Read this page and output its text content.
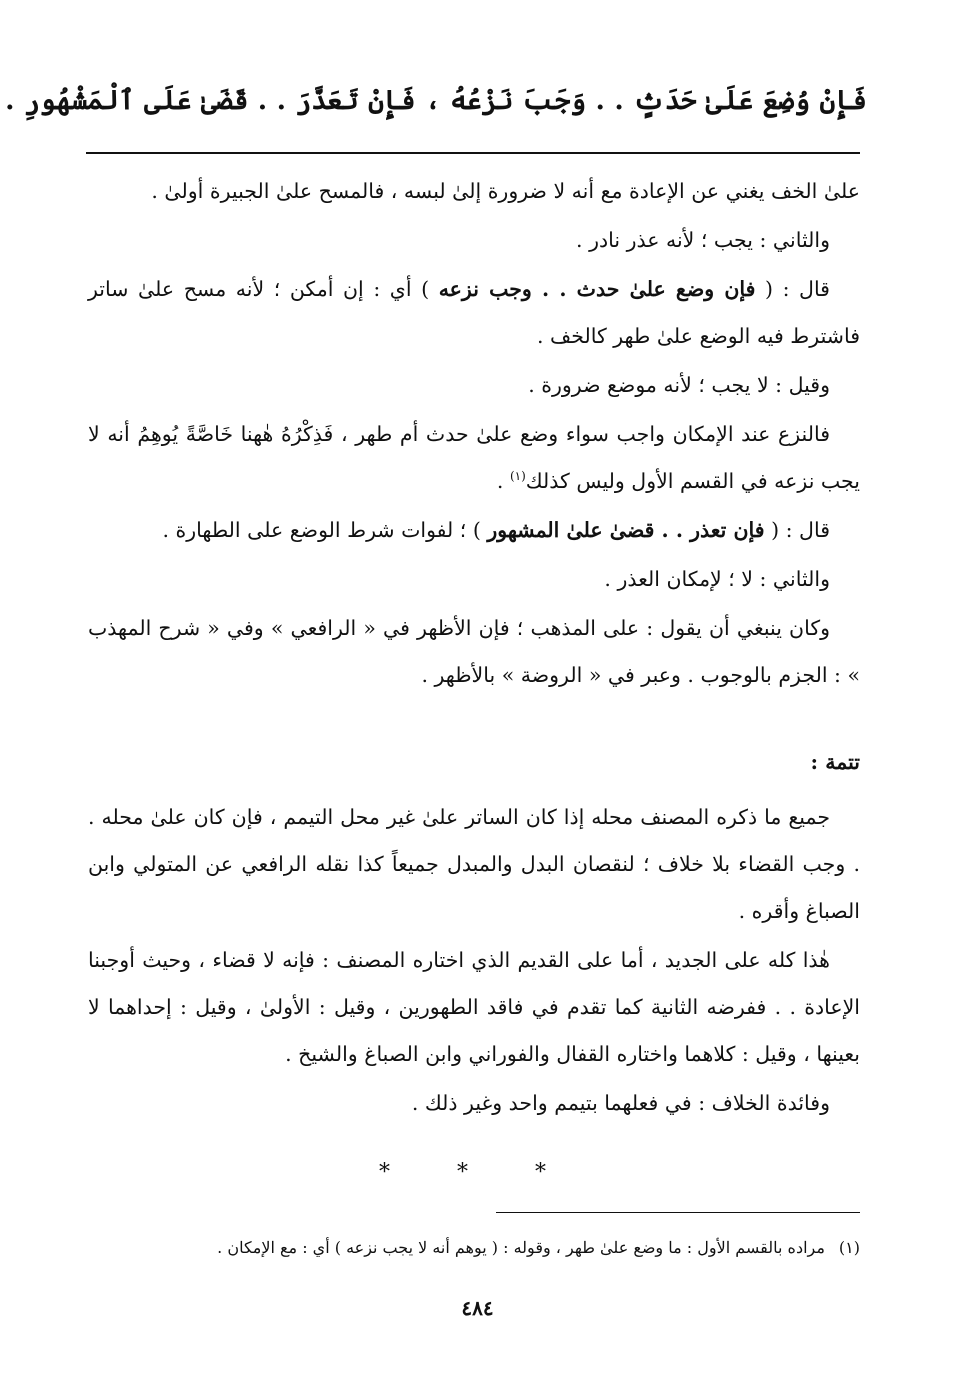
فَإِنْ وُضِعَ عَلَىٰ حَدَثٍ . . وَجَبَ نَزْعُهُ ، فَإِنْ تَعَذَّرَ . . قَضَىٰ عَلَى ٱلْمَشْهُورِ .

علىٰ الخف يغني عن الإعادة مع أنه لا ضرورة إلىٰ لبسه ، فالمسح علىٰ الجبيرة أولىٰ .

والثاني : يجب ؛ لأنه عذر نادر .

قال : ( فإن وضع علىٰ حدث . . وجب نزعه ) أي : إن أمكن ؛ لأنه مسح علىٰ ساتر فاشترط فيه الوضع علىٰ طهر كالخف .

وقيل : لا يجب ؛ لأنه موضع ضرورة .

فالنزع عند الإمكان واجب سواء وضع علىٰ حدث أم طهر ، فَذِكْرُهُ هٰهنا خَاصَّةً يُوهِمُ أنه لا يجب نزعه في القسم الأول وليس كذلك$^{(١)}$ .

قال : ( فإن تعذر . . قضىٰ علىٰ المشهور ) ؛ لفوات شرط الوضع على الطهارة .

والثاني : لا ؛ لإمكان العذر .

وكان ينبغي أن يقول : على المذهب ؛ فإن الأظهر في « الرافعي » وفي « شرح المهذب » : الجزم بالوجوب . وعبر في « الروضة » بالأظهر .

تتمة :

جميع ما ذكره المصنف محله إذا كان الساتر علىٰ غير محل التيمم ، فإن كان علىٰ محله . . وجب القضاء بلا خلاف ؛ لنقصان البدل والمبدل جميعاً كذا نقله الرافعي عن المتولي وابن الصباغ وأقره .

هٰذا كله على الجديد ، أما على القديم الذي اختاره المصنف : فإنه لا قضاء ، وحيث أوجبنا الإعادة . . ففرضه الثانية كما تقدم في فاقد الطهورين ، وقيل : الأولىٰ ، وقيل : إحداهما لا بعينها ، وقيل : كلاهما واختاره القفال والفوراني وابن الصباغ والشيخ .

وفائدة الخلاف : في فعلهما بتيمم واحد وغير ذلك .

* * *
(١)مراده بالقسم الأول : ما وضع علىٰ طهر ، وقوله : ( يوهم أنه لا يجب نزعه ) أي : مع الإمكان .
٤٨٤
